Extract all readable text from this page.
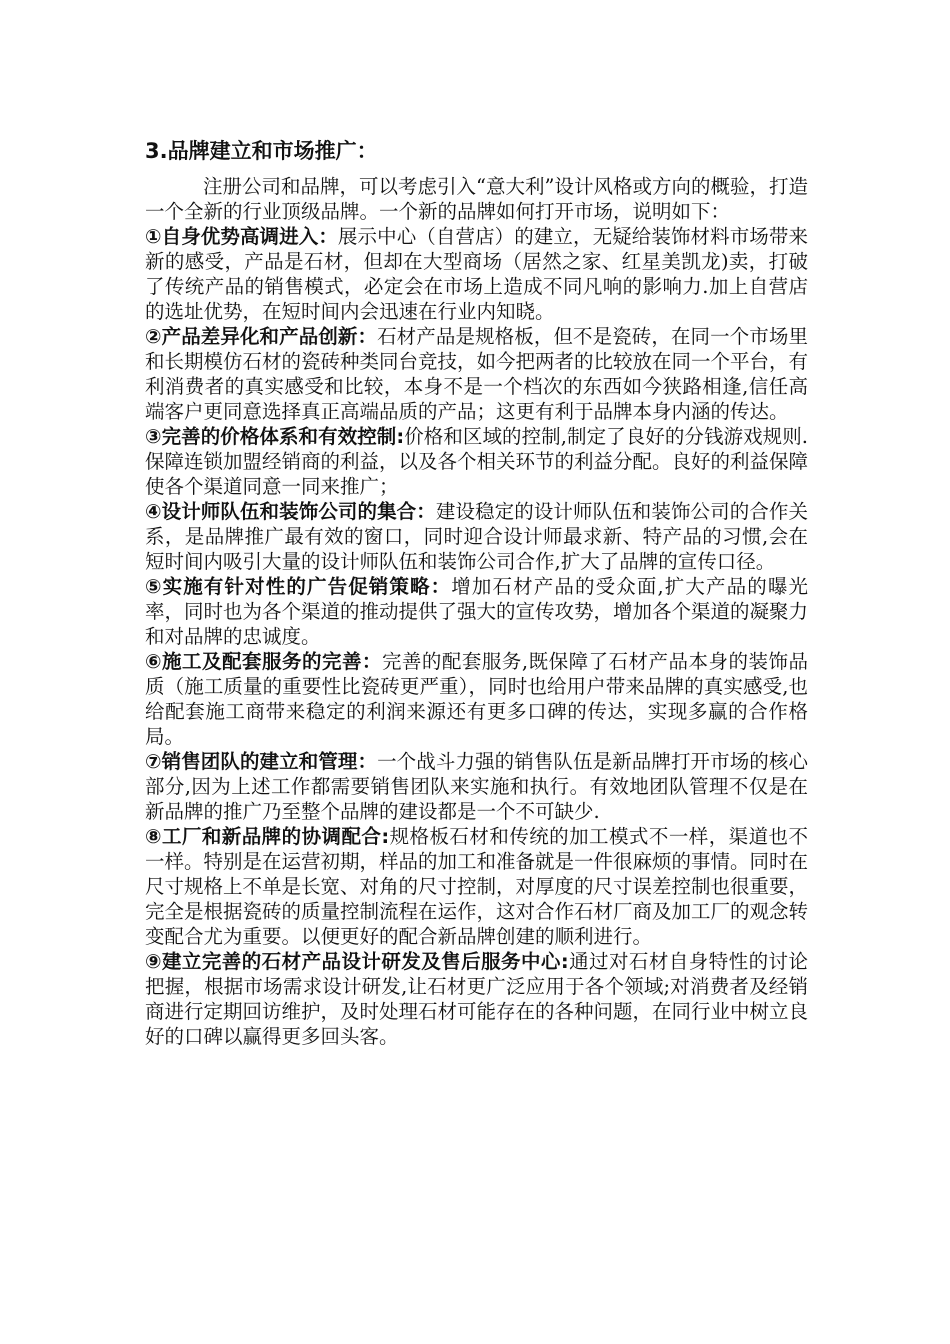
3.品牌建立和市场推广：

注册公司和品牌，可以考虑引入“意大利”设计风格或方向的概验，打造一个全新的行业顶级品牌。一个新的品牌如何打开市场，说明如下：

①自身优势高调进入：展示中心（自营店）的建立，无疑给装饰材料市场带来新的感受，产品是石材，但却在大型商场（居然之家、红星美凯龙)卖，打破了传统产品的销售模式，必定会在市场上造成不同凡响的影响力.加上自营店的选址优势，在短时间内会迅速在行业内知晓。

②产品差异化和产品创新：石材产品是规格板，但不是瓷砖，在同一个市场里和长期模仿石材的瓷砖种类同台竞技，如今把两者的比较放在同一个平台，有利消费者的真实感受和比较，本身不是一个档次的东西如今狭路相逢,信任高端客户更同意选择真正高端品质的产品；这更有利于品牌本身内涵的传达。

③完善的价格体系和有效控制:价格和区域的控制,制定了良好的分钱游戏规则.保障连锁加盟经销商的利益，以及各个相关环节的利益分配。良好的利益保障使各个渠道同意一同来推广；

④设计师队伍和装饰公司的集合：建设稳定的设计师队伍和装饰公司的合作关系，是品牌推广最有效的窗口，同时迎合设计师最求新、特产品的习惯,会在短时间内吸引大量的设计师队伍和装饰公司合作,扩大了品牌的宣传口径。

⑤实施有针对性的广告促销策略：增加石材产品的受众面,扩大产品的曝光率，同时也为各个渠道的推动提供了强大的宣传攻势，增加各个渠道的凝聚力和对品牌的忠诚度。

⑥施工及配套服务的完善：完善的配套服务,既保障了石材产品本身的装饰品质（施工质量的重要性比瓷砖更严重），同时也给用户带来品牌的真实感受,也给配套施工商带来稳定的利润来源还有更多口碑的传达，实现多赢的合作格局。

⑦销售团队的建立和管理：一个战斗力强的销售队伍是新品牌打开市场的核心部分,因为上述工作都需要销售团队来实施和执行。有效地团队管理不仅是在新品牌的推广乃至整个品牌的建设都是一个不可缺少.

⑧工厂和新品牌的协调配合:规格板石材和传统的加工模式不一样，渠道也不一样。特别是在运营初期，样品的加工和准备就是一件很麻烦的事情。同时在尺寸规格上不单是长宽、对角的尺寸控制，对厚度的尺寸误差控制也很重要，完全是根据瓷砖的质量控制流程在运作，这对合作石材厂商及加工厂的观念转变配合尤为重要。以便更好的配合新品牌创建的顺利进行。

⑨建立完善的石材产品设计研发及售后服务中心:通过对石材自身特性的讨论把握，根据市场需求设计研发,让石材更广泛应用于各个领域;对消费者及经销商进行定期回访维护，及时处理石材可能存在的各种问题，在同行业中树立良好的口碑以赢得更多回头客。
